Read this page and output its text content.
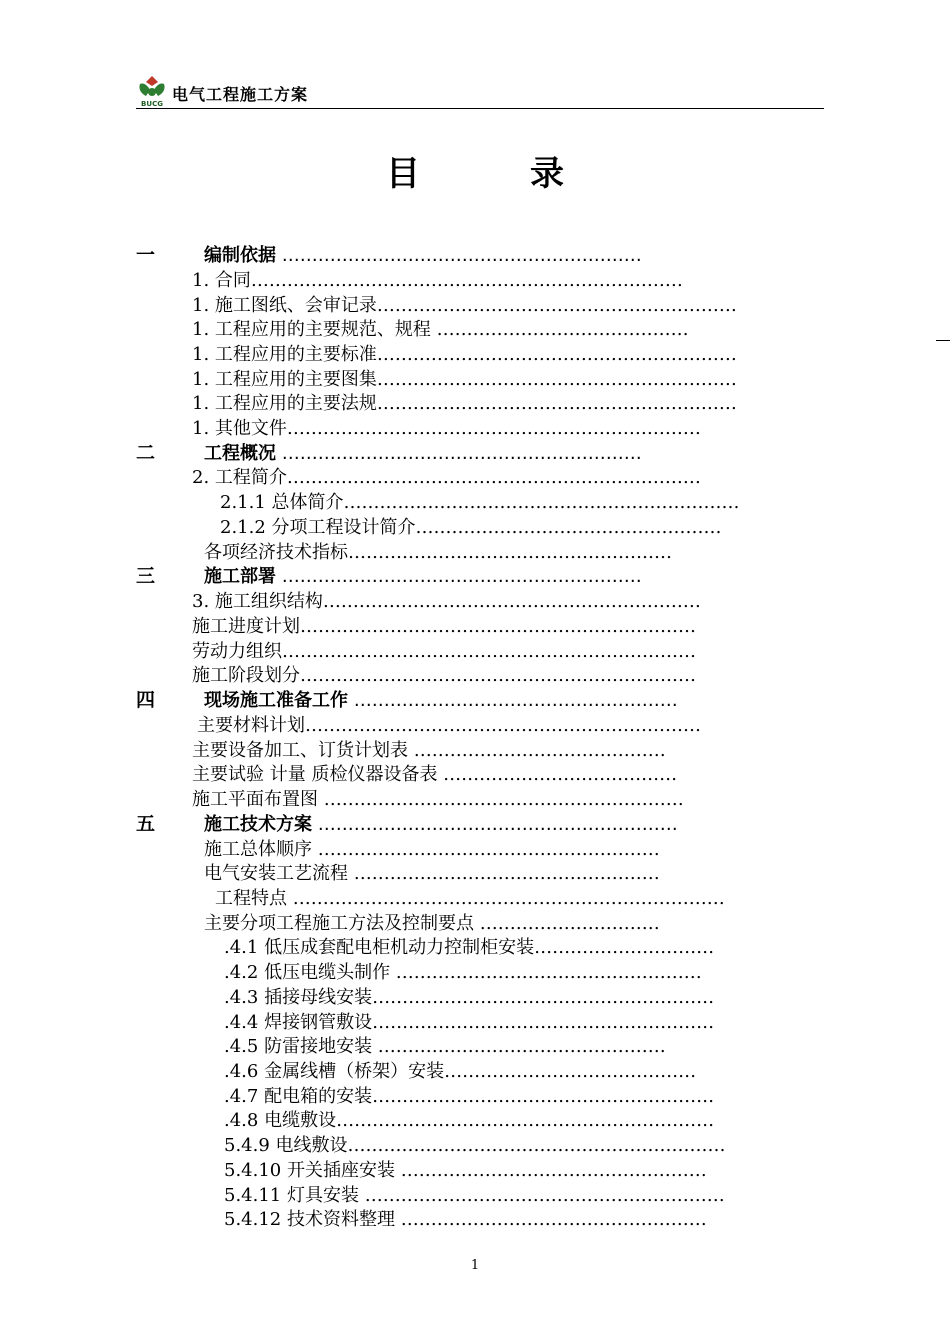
BUCG 电气工程施工方案
目	录
一	编制依据 ……………………………………………………
1. 合同………………………………………………………………
1. 施工图纸、会审记录……………………………………………………
1. 工程应用的主要规范、规程 ……………………………………
1. 工程应用的主要标准……………………………………………………
1. 工程应用的主要图集……………………………………………………
1. 工程应用的主要法规……………………………………………………
1. 其他文件……………………………………………………………
二	工程概况 ……………………………………………………
2. 工程简介……………………………………………………………
2.1.1 总体简介…………………………………………………………
2.1.2 分项工程设计简介……………………………………………
各项经济技术指标………………………………………………
三	施工部署 ……………………………………………………
3. 施工组织结构………………………………………………………
施工进度计划…………………………………………………………
劳动力组织……………………………………………………………
施工阶段划分…………………………………………………………
四	现场施工准备工作 ………………………………………………
主要材料计划…………………………………………………………
主要设备加工、订货计划表 ……………………………………
主要试验 计量 质检仪器设备表 …………………………………
施工平面布置图 ……………………………………………………
五	施工技术方案 ……………………………………………………
施工总体顺序 …………………………………………………
电气安装工艺流程 ……………………………………………
工程特点 ………………………………………………………………
主要分项工程施工方法及控制要点 …………………………
.4.1 低压成套配电柜机动力控制柜安装…………………………
.4.2 低压电缆头制作 ……………………………………………
.4.3 插接母线安装…………………………………………………
.4.4 焊接钢管敷设…………………………………………………
.4.5 防雷接地安装 …………………………………………
.4.6 金属线槽（桥架）安装……………………………………
.4.7 配电箱的安装…………………………………………………
.4.8 电缆敷设………………………………………………………
5.4.9 电线敷设………………………………………………………
5.4.10 开关插座安装 ……………………………………………
5.4.11 灯具安装 ……………………………………………………
5.4.12 技术资料整理 ……………………………………………
1
